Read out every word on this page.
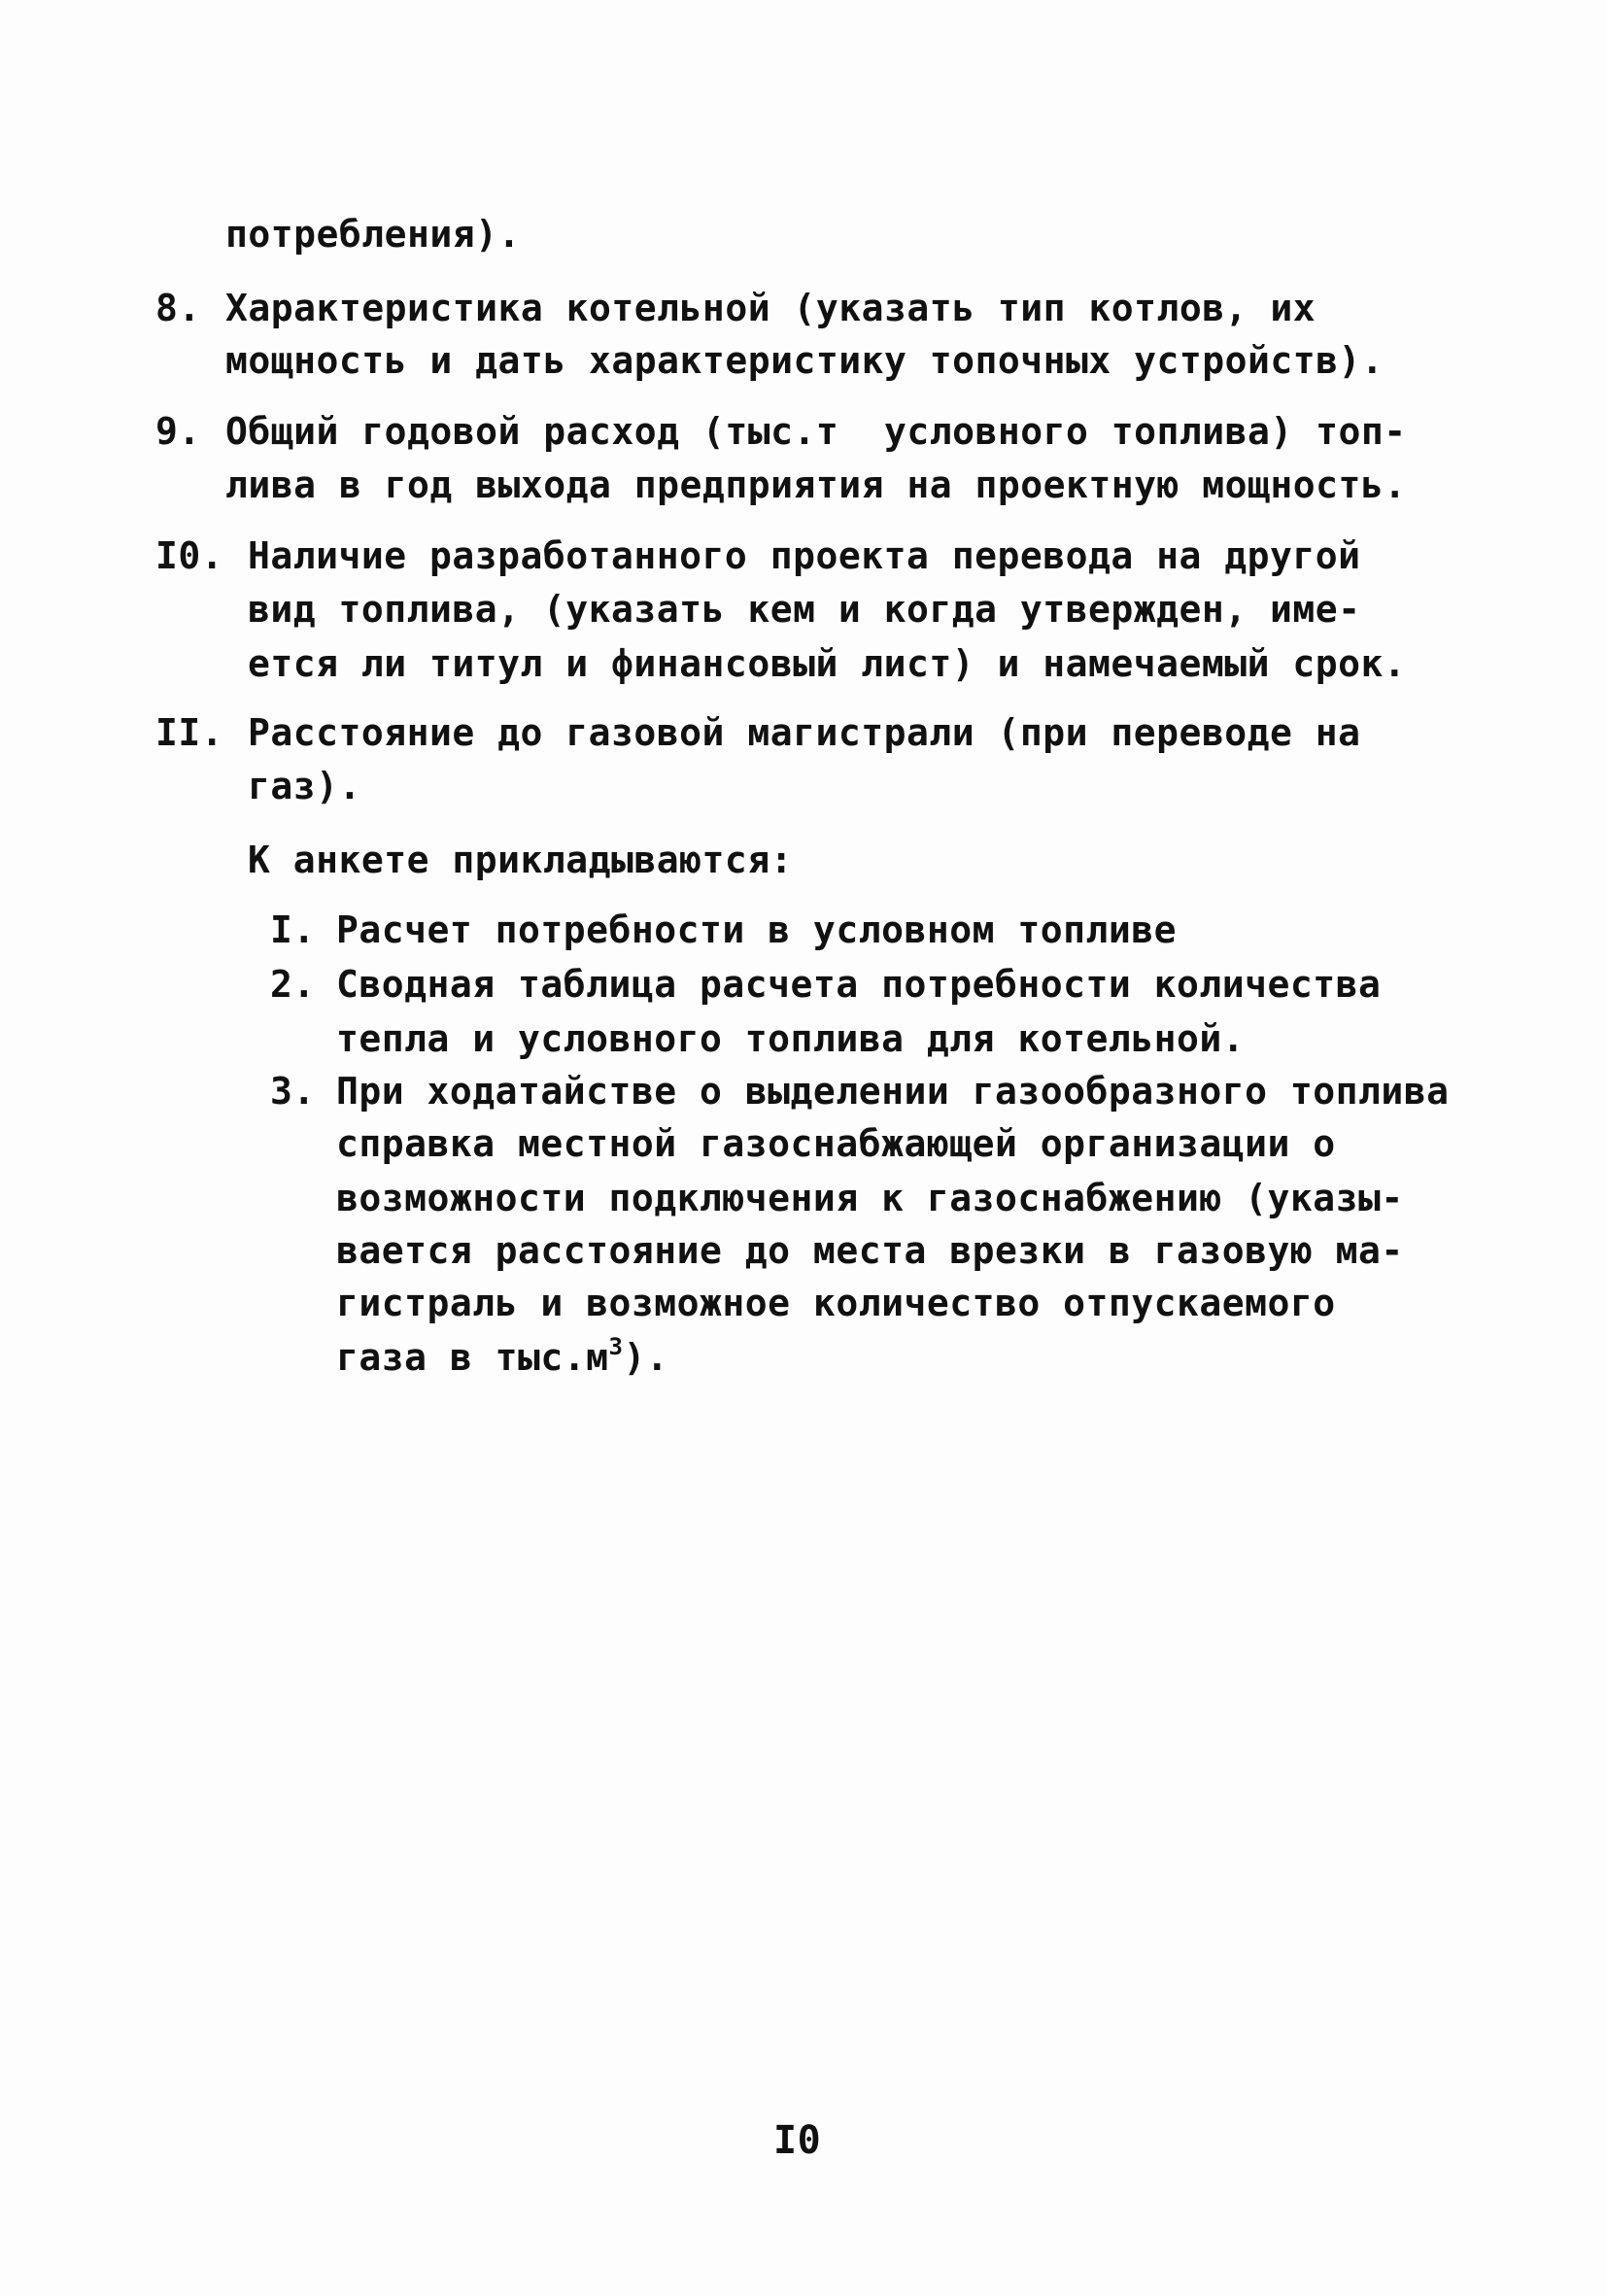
потребления).
8. Характеристика котельной (указать тип котлов, их
мощность и дать характеристику топочных устройств).
9. Общий годовой расход (тыс.т  условного топлива) топ-
лива в год выхода предприятия на проектную мощность.
I0. Наличие разработанного проекта перевода на другой
вид топлива, (указать кем и когда утвержден, име-
ется ли титул и финансовый лист) и намечаемый срок.
II. Расстояние до газовой магистрали (при переводе на
газ).
К анкете прикладываются:
I. Расчет потребности в условном топливе
2. Сводная таблица расчета потребности количества
тепла и условного топлива для котельной.
3. При ходатайстве о выделении газообразного топлива
справка местной газоснабжающей организации о
возможности подключения к газоснабжению (указы-
вается расстояние до места врезки в газовую ма-
гистраль и возможное количество отпускаемого
газа в $тыс.м^3$).
I0
